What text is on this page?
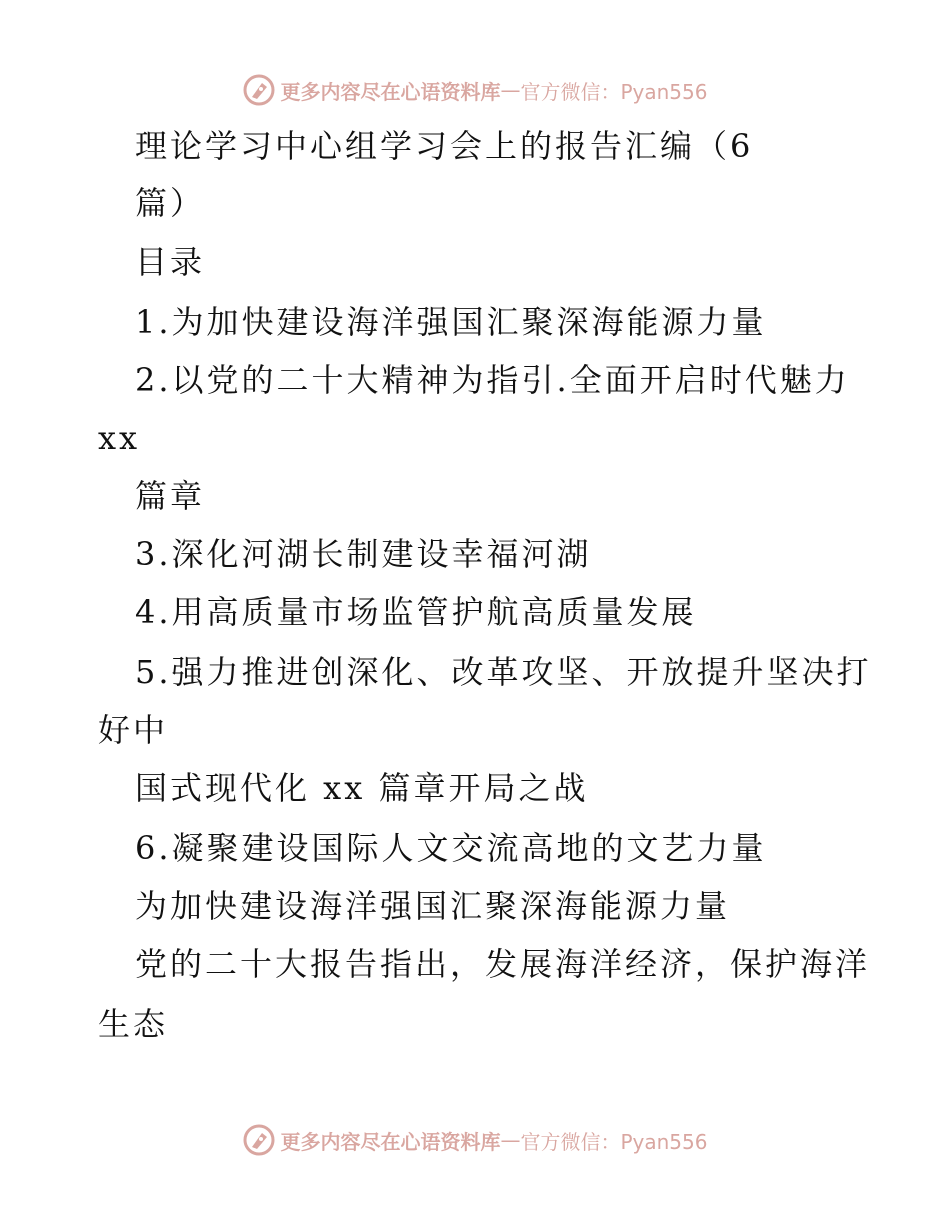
更多内容尽在心语资料库 — 官方微信：Pyan556
理论学习中心组学习会上的报告汇编（6
篇）
目录
1.为加快建设海洋强国汇聚深海能源力量
2.以党的二十大精神为指引.全面开启时代魅力
xx
篇章
3.深化河湖长制建设幸福河湖
4.用高质量市场监管护航高质量发展
5.强力推进创深化、改革攻坚、开放提升坚决打
好中
国式现代化 xx 篇章开局之战
6.凝聚建设国际人文交流高地的文艺力量
为加快建设海洋强国汇聚深海能源力量
党的二十大报告指出，发展海洋经济，保护海洋
生态
更多内容尽在心语资料库 — 官方微信：Pyan556
